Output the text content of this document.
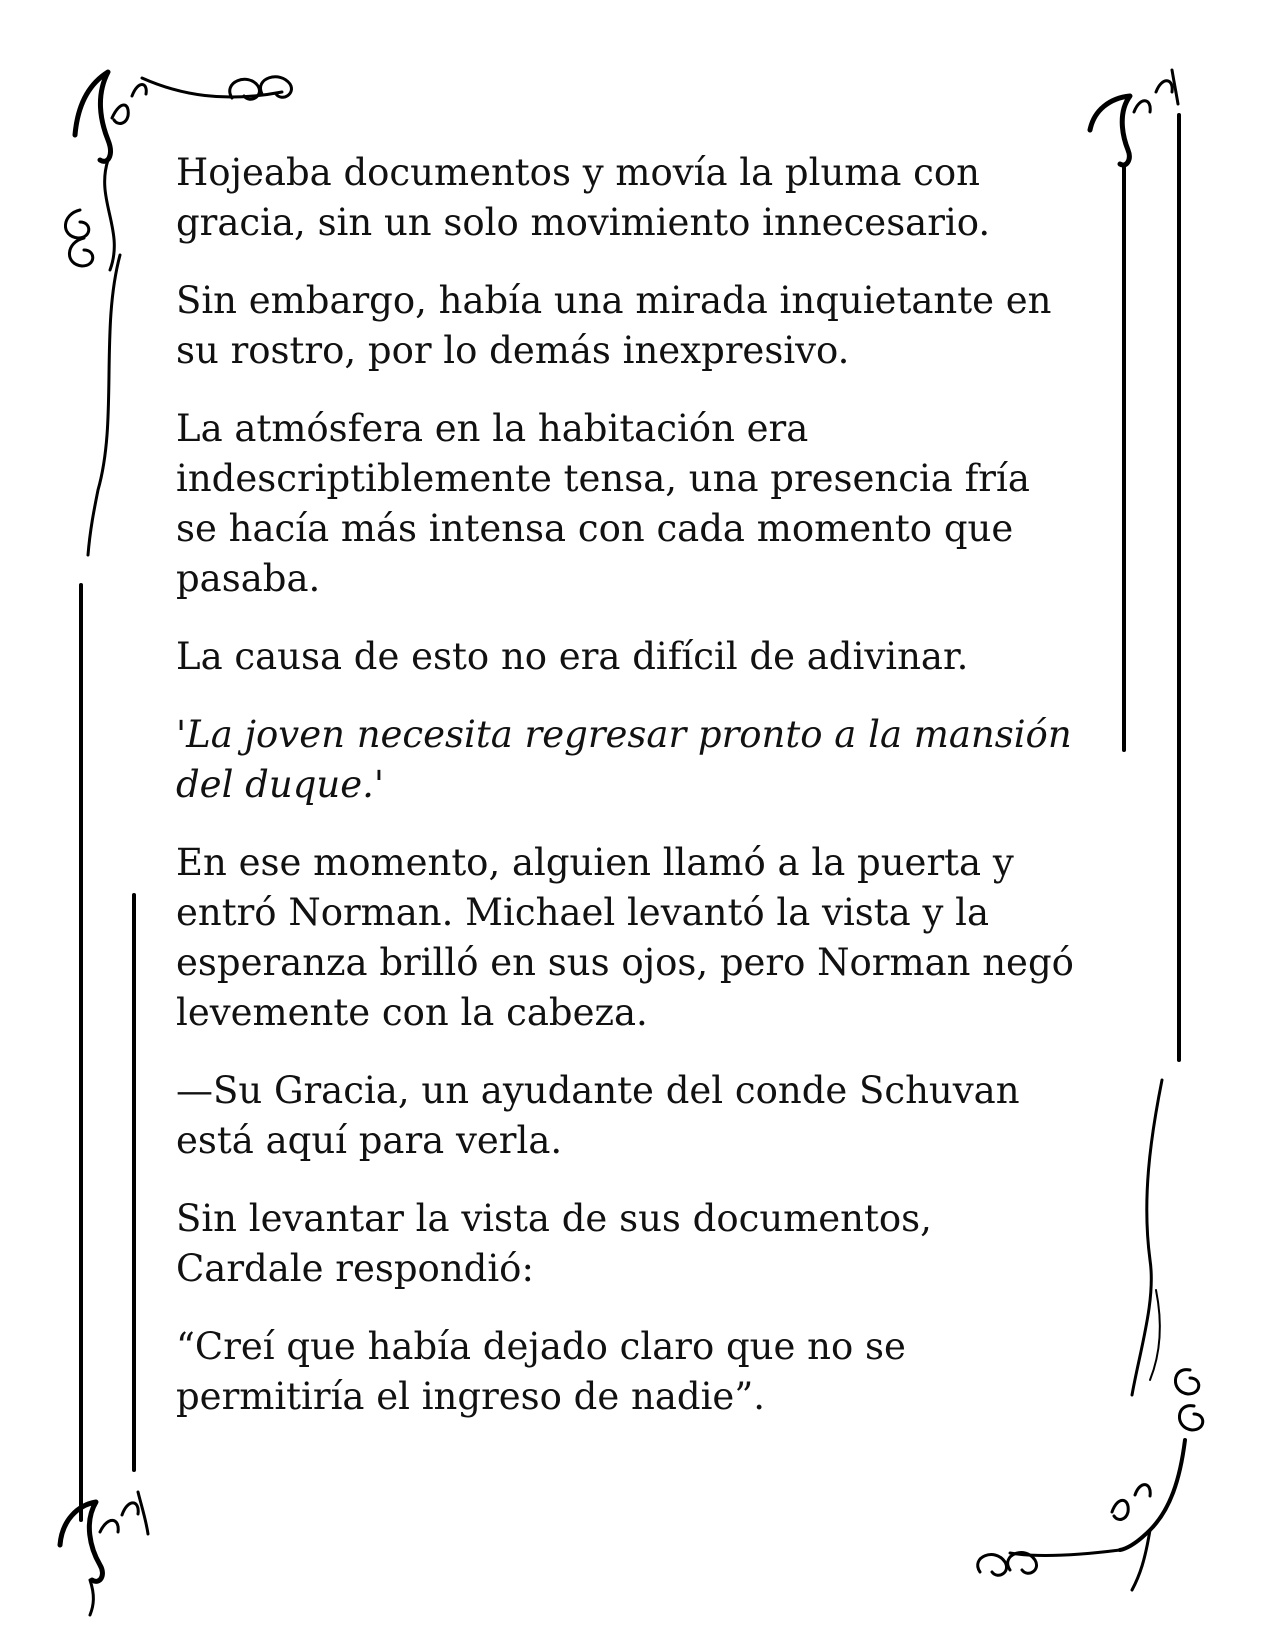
Hojeaba documentos y movía la pluma con
gracia, sin un solo movimiento innecesario.

Sin embargo, había una mirada inquietante en
su rostro, por lo demás inexpresivo.

La atmósfera en la habitación era
indescriptiblemente tensa, una presencia fría
se hacía más intensa con cada momento que
pasaba.

La causa de esto no era difícil de adivinar.

'La joven necesita regresar pronto a la mansión
del duque.'

En ese momento, alguien llamó a la puerta y
entró Norman. Michael levantó la vista y la
esperanza brilló en sus ojos, pero Norman negó
levemente con la cabeza.

—Su Gracia, un ayudante del conde Schuvan
está aquí para verla.

Sin levantar la vista de sus documentos,
Cardale respondió:

“Creí que había dejado claro que no se
permitiría el ingreso de nadie”.
